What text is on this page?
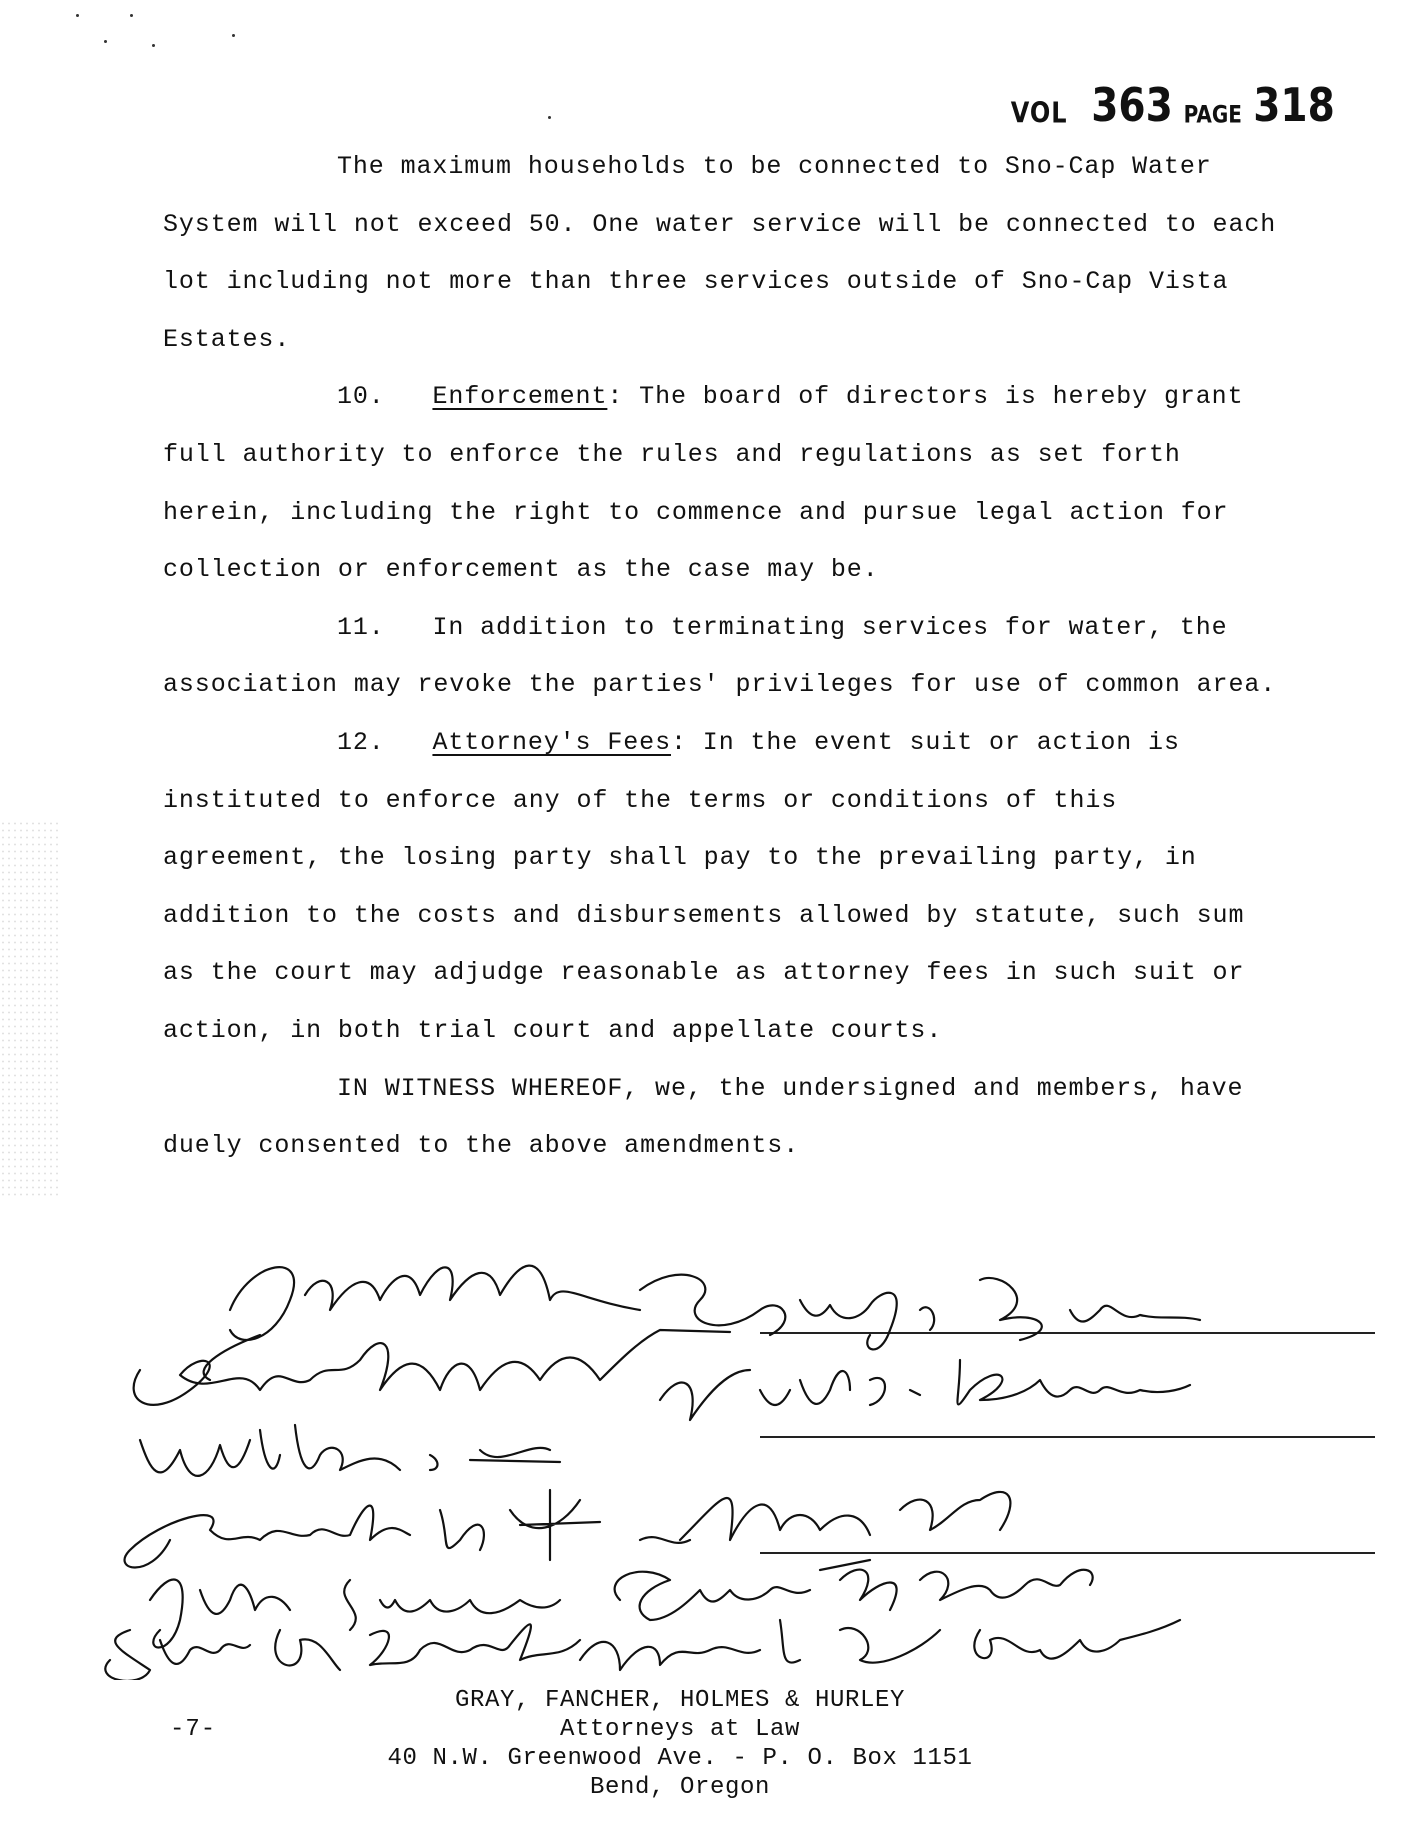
VOL 363 PAGE 318

The maximum households to be connected to Sno-Cap Water System will not exceed 50. One water service will be connected to each lot including not more than three services outside of Sno-Cap Vista Estates.

10. Enforcement: The board of directors is hereby grant full authority to enforce the rules and regulations as set forth herein, including the right to commence and pursue legal action for collection or enforcement as the case may be.

11. In addition to terminating services for water, the association may revoke the parties' privileges for use of common area.

12. Attorney's Fees: In the event suit or action is instituted to enforce any of the terms or conditions of this agreement, the losing party shall pay to the prevailing party, in addition to the costs and disbursements allowed by statute, such sum as the court may adjudge reasonable as attorney fees in such suit or action, in both trial court and appellate courts.

IN WITNESS WHEREOF, we, the undersigned and members, have duely consented to the above amendments.

-7-
GRAY, FANCHER, HOLMES & HURLEY
Attorneys at Law
40 N.W. Greenwood Ave. - P. O. Box 1151
Bend, Oregon
